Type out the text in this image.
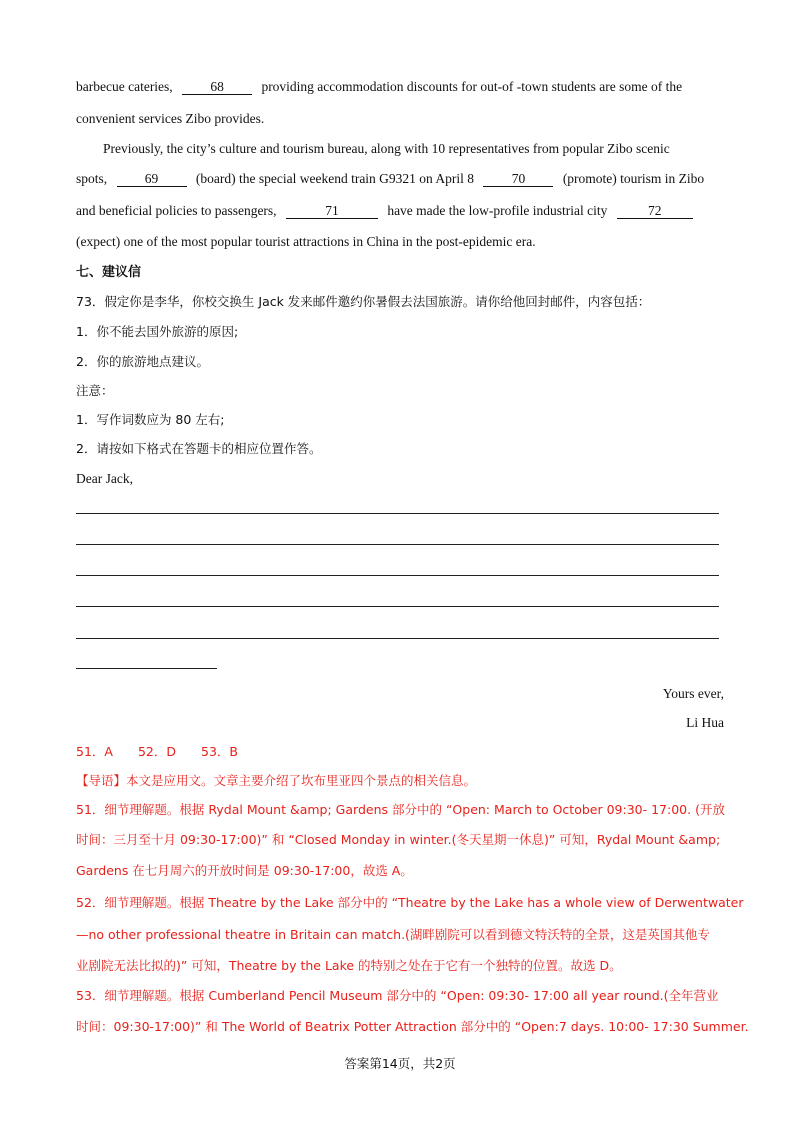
barbecue cateries,	68	providing accommodation discounts for out-of -town students are some of the
convenient services Zibo provides.
Previously, the city’s culture and tourism bureau, along with 10 representatives from popular Zibo scenic
spots,	69	(board) the special weekend train G9321 on April 8	70	(promote) tourism in Zibo
and beneficial policies to passengers,	71	have made the low-profile industrial city	72
(expect) one of the most popular tourist attractions in China in the post-epidemic era.
七、建议信
73．假定你是李华，你校交换生 Jack 发来邮件邀约你暑假去法国旅游。请你给他回封邮件，内容包括：
1．你不能去国外旅游的原因;
2．你的旅游地点建议。
注意：
1．写作词数应为 80 左右;
2．请按如下格式在答题卡的相应位置作答。
Dear Jack,
Yours ever,
Li Hua
51．A　　52．D　　53．B
【导语】本文是应用文。文章主要介绍了坎布里亚四个景点的相关信息。
51．细节理解题。根据 Rydal Mount &amp; Gardens 部分中的 “Open: March to October 09:30- 17:00. (开放
时间：三月至十月 09:30-17:00)” 和 “Closed Monday in winter.(冬天星期一休息)” 可知，Rydal Mount &amp;
Gardens 在七月周六的开放时间是 09:30-17:00，故选 A。
52．细节理解题。根据 Theatre by the Lake 部分中的 “Theatre by the Lake has a whole view of Derwentwater
—no other professional theatre in Britain can match.(湖畔剧院可以看到德文特沃特的全景，这是英国其他专
业剧院无法比拟的)” 可知，Theatre by the Lake 的特别之处在于它有一个独特的位置。故选 D。
53．细节理解题。根据 Cumberland Pencil Museum 部分中的 “Open: 09:30- 17:00 all year round.(全年营业
时间：09:30-17:00)” 和 The World of Beatrix Potter Attraction 部分中的 “Open:7 days. 10:00- 17:30 Summer.
答案第14页，共2页
